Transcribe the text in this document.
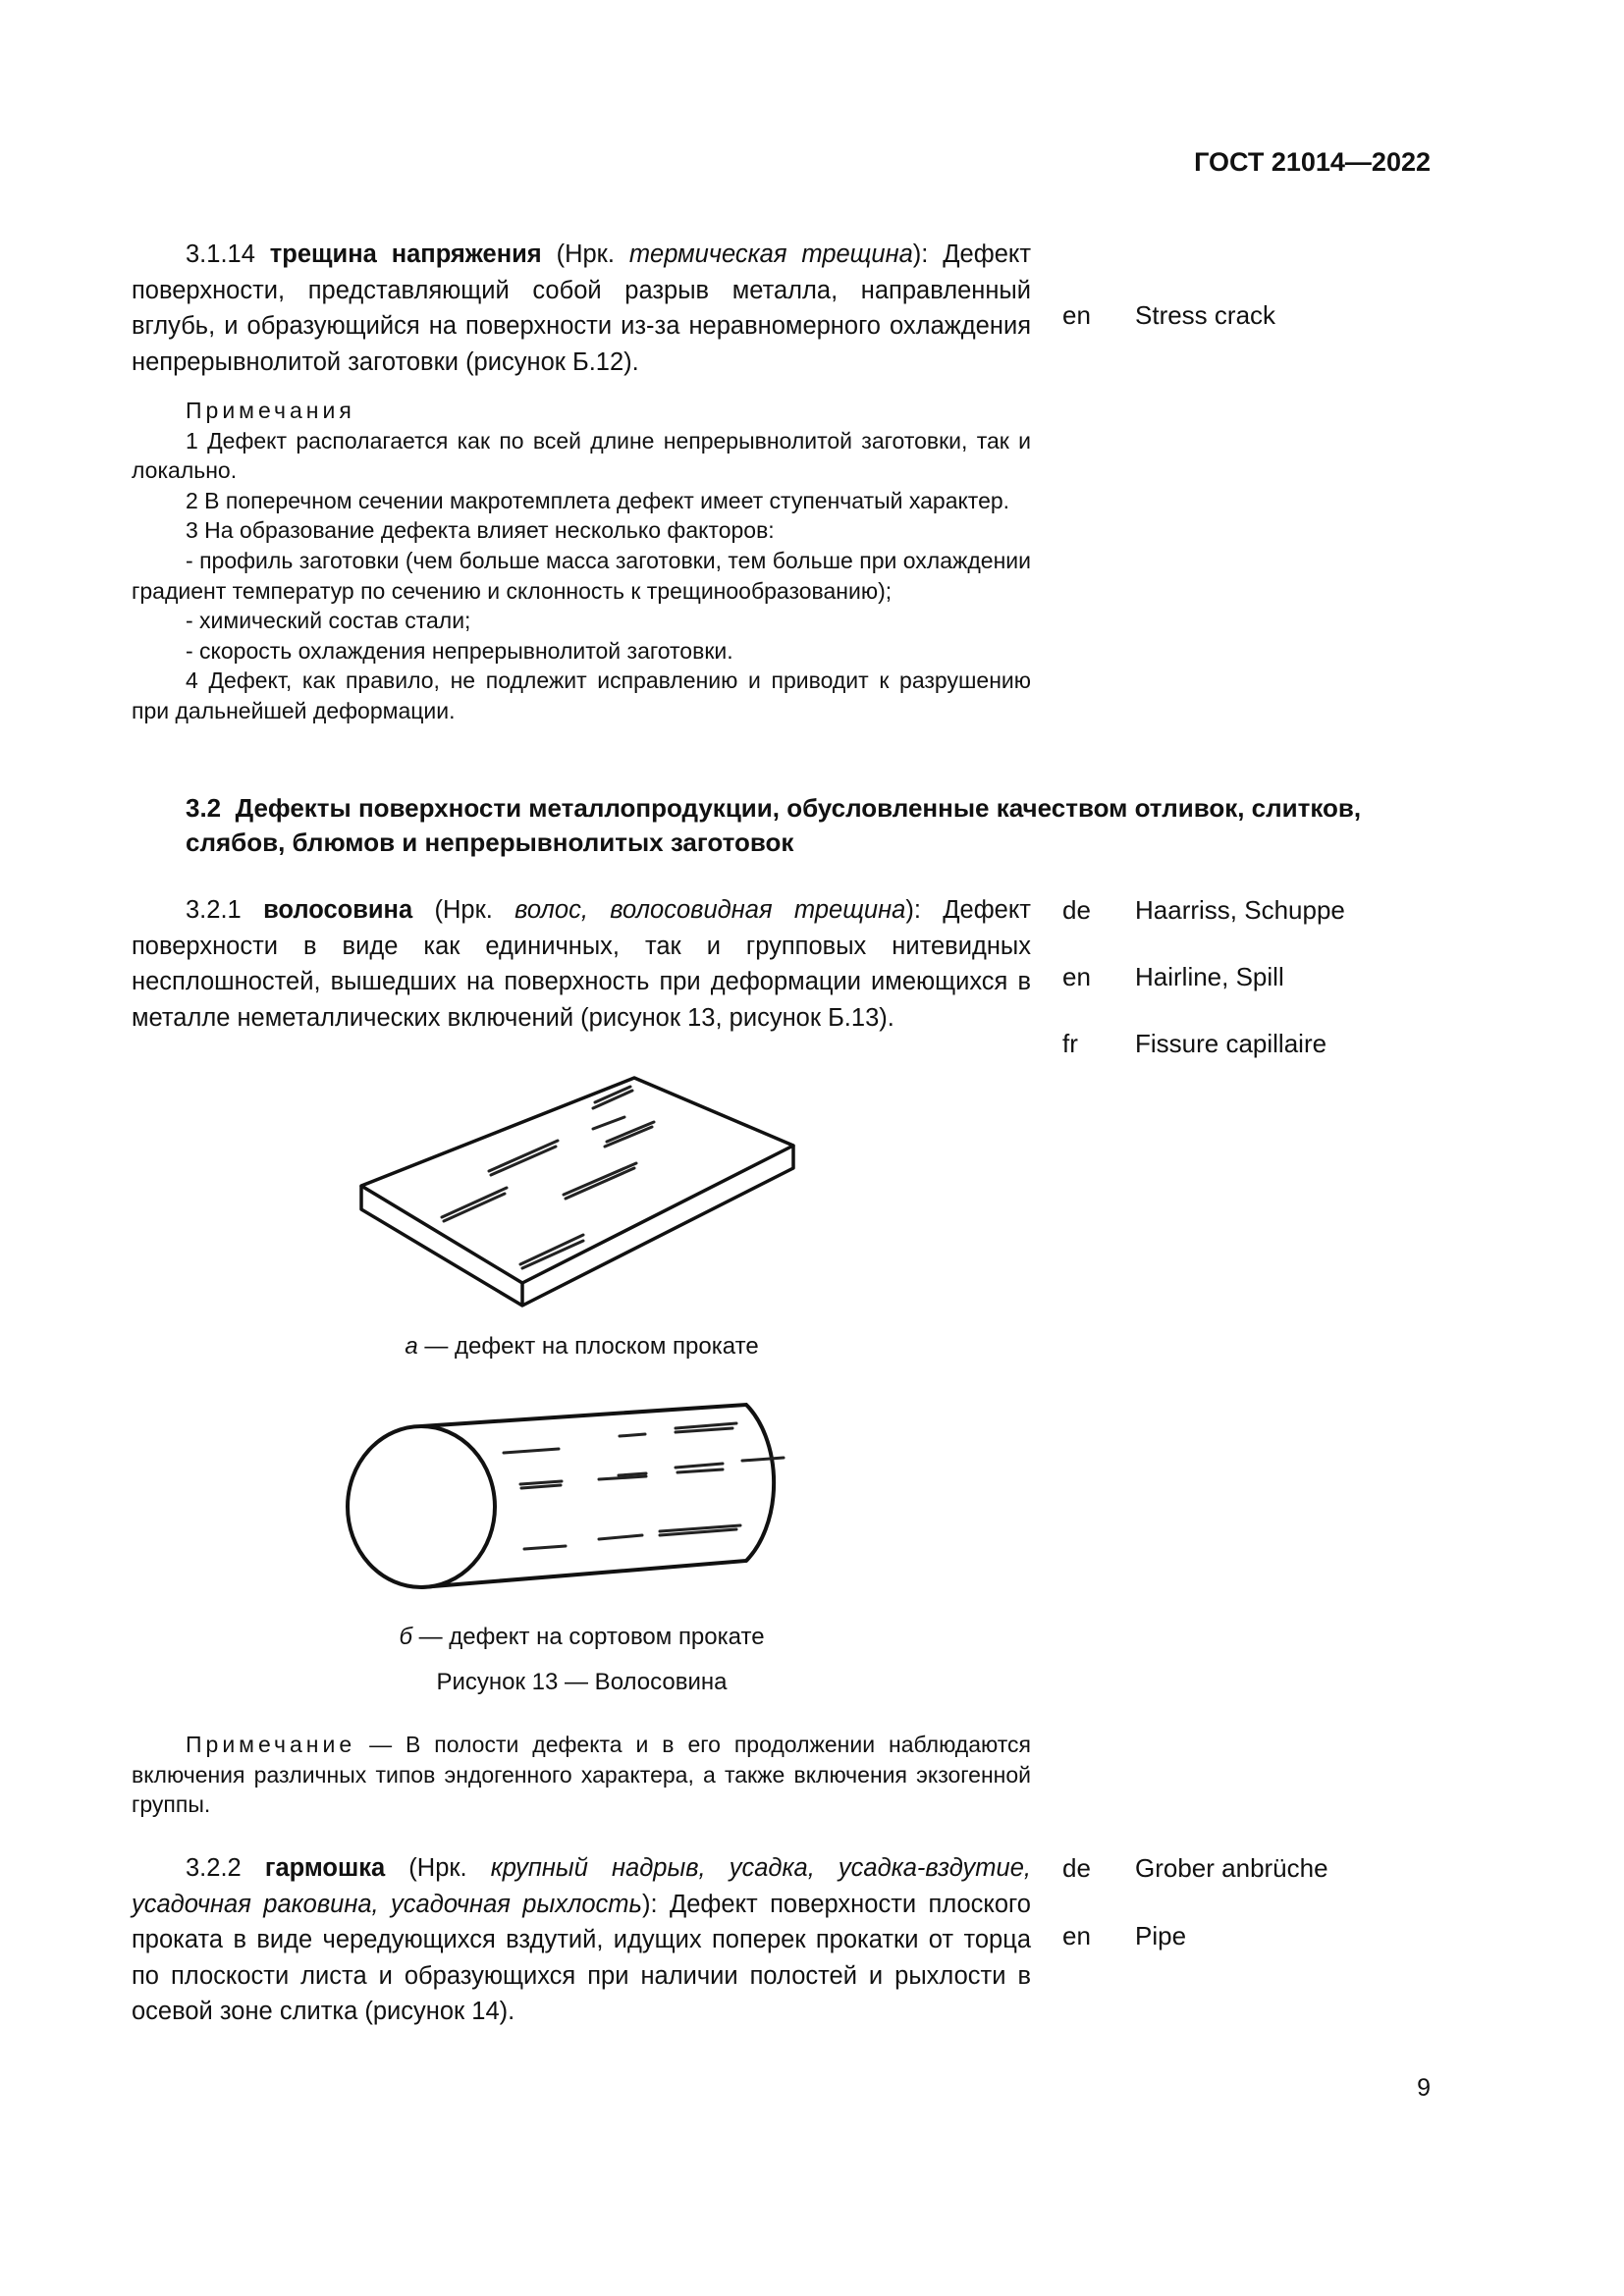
ГОСТ 21014—2022

3.1.14 трещина напряжения (Нрк. термическая трещина): Дефект поверхности, представляющий собой разрыв металла, направленный вглубь, и образующийся на поверхности из-за неравномерного охлаждения непрерывнолитой заготовки (рисунок Б.12).

en Stress crack

Примечания

1 Дефект располагается как по всей длине непрерывнолитой заготовки, так и локально.

2 В поперечном сечении макротемплета дефект имеет ступенчатый характер.

3 На образование дефекта влияет несколько факторов:

- профиль заготовки (чем больше масса заготовки, тем больше при охлаждении градиент температур по сечению и склонность к трещинообразованию);

- химический состав стали;

- скорость охлаждения непрерывнолитой заготовки.

4 Дефект, как правило, не подлежит исправлению и приводит к разрушению при дальнейшей деформации.

3.2 Дефекты поверхности металлопродукции, обусловленные качеством отливок, слитков, слябов, блюмов и непрерывнолитых заготовок

3.2.1 волосовина (Нрк. волос, волосовидная трещина): Дефект поверхности в виде как единичных, так и групповых нитевидных несплошностей, вышедших на поверхность при деформации имеющихся в металле неметаллических включений (рисунок 13, рисунок Б.13).

de Haarriss, Schuppe
en Hairline, Spill
fr Fissure capillaire
а — дефект на плоском прокате
б — дефект на сортовом прокате
Рисунок 13 — Волосовина

Примечание — В полости дефекта и в его продолжении наблюдаются включения различных типов эндогенного характера, а также включения экзогенной группы.

3.2.2 гармошка (Нрк. крупный надрыв, усадка, усадка-вздутие, усадочная раковина, усадочная рыхлость): Дефект поверхности плоского проката в виде чередующихся вздутий, идущих поперек прокатки от торца по плоскости листа и образующихся при наличии полостей и рыхлости в осевой зоне слитка (рисунок 14).

de Grober anbrüche
en Pipe
9
